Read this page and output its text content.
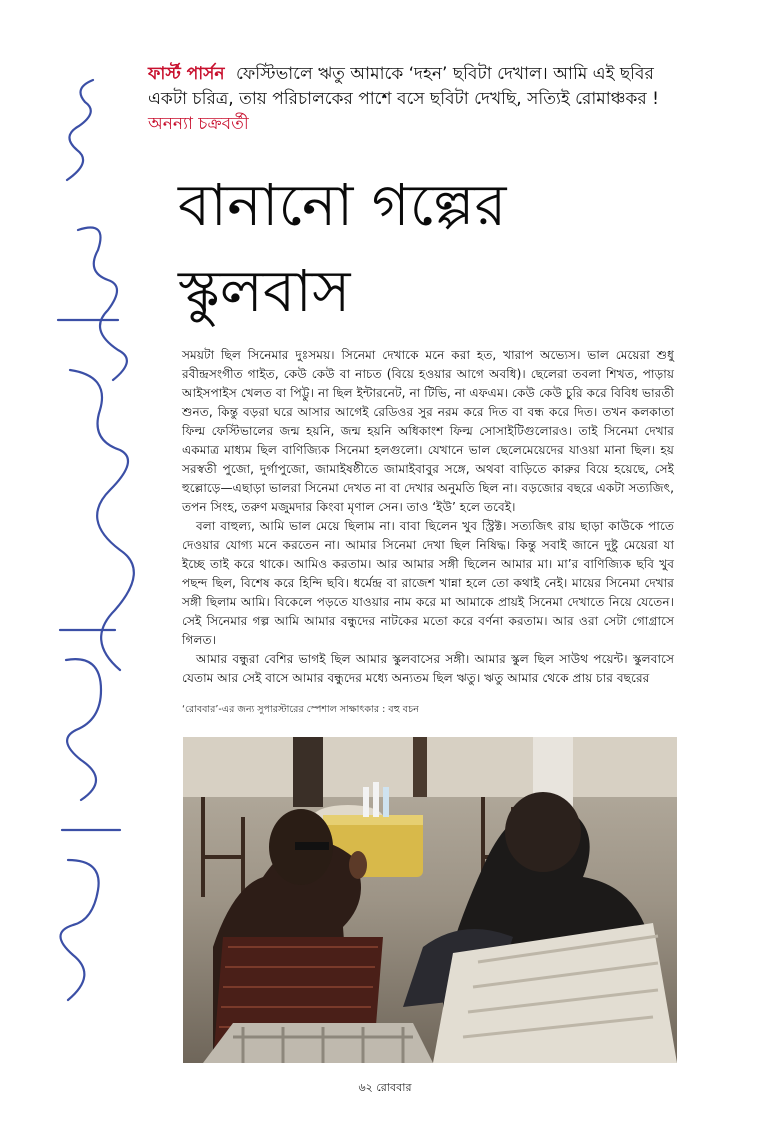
ফার্স্ট পার্সন ফেস্টিভালে ঋতু আমাকে ‘দহন’ ছবিটা দেখাল। আমি এই ছবির একটা চরিত্র, তায় পরিচালকের পাশে বসে ছবিটা দেখছি, সত্যিই রোমাঞ্চকর ! অনন্যা চক্রবর্তী
বানানো গল্পের
স্কুলবাস

সময়টা ছিল সিনেমার দুঃসময়। সিনেমা দেখাকে মনে করা হত, খারাপ অভ্যেস। ভাল মেয়েরা শুধু রবীন্দ্রসংগীত গাইত, কেউ কেউ বা নাচত (বিয়ে হওয়ার আগে অবধি)। ছেলেরা তবলা শিখত, পাড়ায় আইসপাইস খেলত বা পিট্টু। না ছিল ইন্টারনেট, না টিভি, না এফএম। কেউ কেউ চুরি করে বিবিধ ভারতী শুনত, কিন্তু বড়রা ঘরে আসার আগেই রেডিওর সুর নরম করে দিত বা বন্ধ করে দিত। তখন কলকাতা ফিল্ম ফেস্টিভালের জন্ম হয়নি, জন্ম হয়নি অধিকাংশ ফিল্ম সোসাইটিগুলোরও। তাই সিনেমা দেখার একমাত্র মাধ্যম ছিল বাণিজ্যিক সিনেমা হলগুলো। যেখানে ভাল ছেলেমেয়েদের যাওয়া মানা ছিল। হয় সরস্বতী পুজো, দুর্গাপুজো, জামাইষষ্ঠীতে জামাইবাবুর সঙ্গে, অথবা বাড়িতে কারুর বিয়ে হয়েছে, সেই হুল্লোড়ে—এছাড়া ভালরা সিনেমা দেখত না বা দেখার অনুমতি ছিল না। বড়জোর বছরে একটা সত্যজিৎ, তপন সিংহ, তরুণ মজুমদার কিংবা মৃণাল সেন। তাও ‘ইউ’ হলে তবেই।

বলা বাহুল্য, আমি ভাল মেয়ে ছিলাম না। বাবা ছিলেন খুব স্ট্রিক্ট। সত্যজিৎ রায় ছাড়া কাউকে পাতে দেওয়ার যোগ্য মনে করতেন না। আমার সিনেমা দেখা ছিল নিষিদ্ধ। কিন্তু সবাই জানে দুষ্টু মেয়েরা যা ইচ্ছে তাই করে থাকে। আমিও করতাম। আর আমার সঙ্গী ছিলেন আমার মা। মা’র বাণিজ্যিক ছবি খুব পছন্দ ছিল, বিশেষ করে হিন্দি ছবি। ধর্মেন্দ্র বা রাজেশ খান্না হলে তো কথাই নেই। মায়ের সিনেমা দেখার সঙ্গী ছিলাম আমি। বিকেলে পড়তে যাওয়ার নাম করে মা আমাকে প্রায়ই সিনেমা দেখাতে নিয়ে যেতেন। সেই সিনেমার গল্প আমি আমার বন্ধুদের নাটকের মতো করে বর্ণনা করতাম। আর ওরা সেটা গোগ্রাসে গিলত।

আমার বন্ধুরা বেশির ভাগই ছিল আমার স্কুলবাসের সঙ্গী। আমার স্কুল ছিল সাউথ পয়েন্ট। স্কুলবাসে যেতাম আর সেই বাসে আমার বন্ধুদের মধ্যে অন্যতম ছিল ঋতু। ঋতু আমার থেকে প্রায় চার বছরের

‘রোববার’-এর জন্য সুপারস্টারের স্পেশাল সাক্ষাৎকার : বহু বচন
৬২ রোববার
